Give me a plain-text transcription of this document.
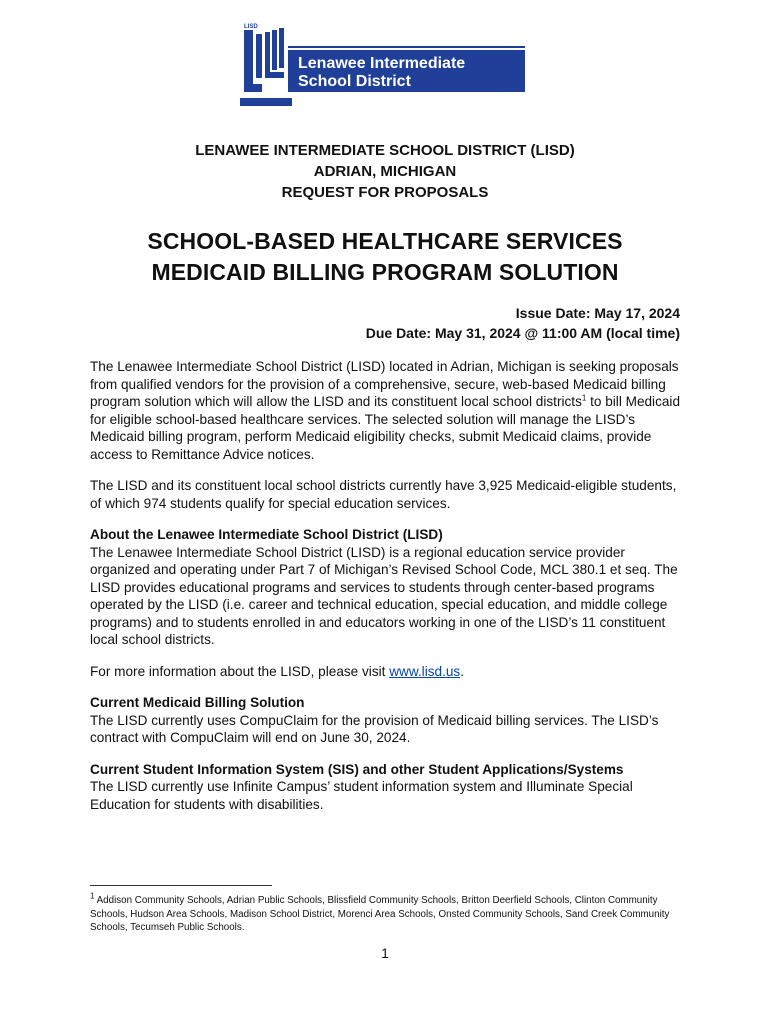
Lenawee Intermediate
School District
LISD
LENAWEE INTERMEDIATE SCHOOL DISTRICT (LISD)
ADRIAN, MICHIGAN
REQUEST FOR PROPOSALS
SCHOOL-BASED HEALTHCARE SERVICES
MEDICAID BILLING PROGRAM SOLUTION
Issue Date: May 17, 2024
Due Date: May 31, 2024 @ 11:00 AM (local time)

The Lenawee Intermediate School District (LISD) located in Adrian, Michigan is seeking proposals from qualified vendors for the provision of a comprehensive, secure, web-based Medicaid billing program solution which will allow the LISD and its constituent local school districts$^1$ to bill Medicaid for eligible school-based healthcare services. The selected solution will manage the LISD’s Medicaid billing program, perform Medicaid eligibility checks, submit Medicaid claims, provide access to Remittance Advice notices.

The LISD and its constituent local school districts currently have 3,925 Medicaid-eligible students, of which 974 students qualify for special education services.

About the Lenawee Intermediate School District (LISD)

The Lenawee Intermediate School District (LISD) is a regional education service provider organized and operating under Part 7 of Michigan’s Revised School Code, MCL 380.1 et seq. The LISD provides educational programs and services to students through center-based programs operated by the LISD (i.e. career and technical education, special education, and middle college programs) and to students enrolled in and educators working in one of the LISD’s 11 constituent local school districts.

For more information about the LISD, please visit www.lisd.us.

Current Medicaid Billing Solution

The LISD currently uses CompuClaim for the provision of Medicaid billing services. The LISD’s contract with CompuClaim will end on June 30, 2024.

Current Student Information System (SIS) and other Student Applications/Systems

The LISD currently use Infinite Campus’ student information system and Illuminate Special Education for students with disabilities.

$^1$ Addison Community Schools, Adrian Public Schools, Blissfield Community Schools, Britton Deerfield Schools, Clinton Community Schools, Hudson Area Schools, Madison School District, Morenci Area Schools, Onsted Community Schools, Sand Creek Community Schools, Tecumseh Public Schools.
1
